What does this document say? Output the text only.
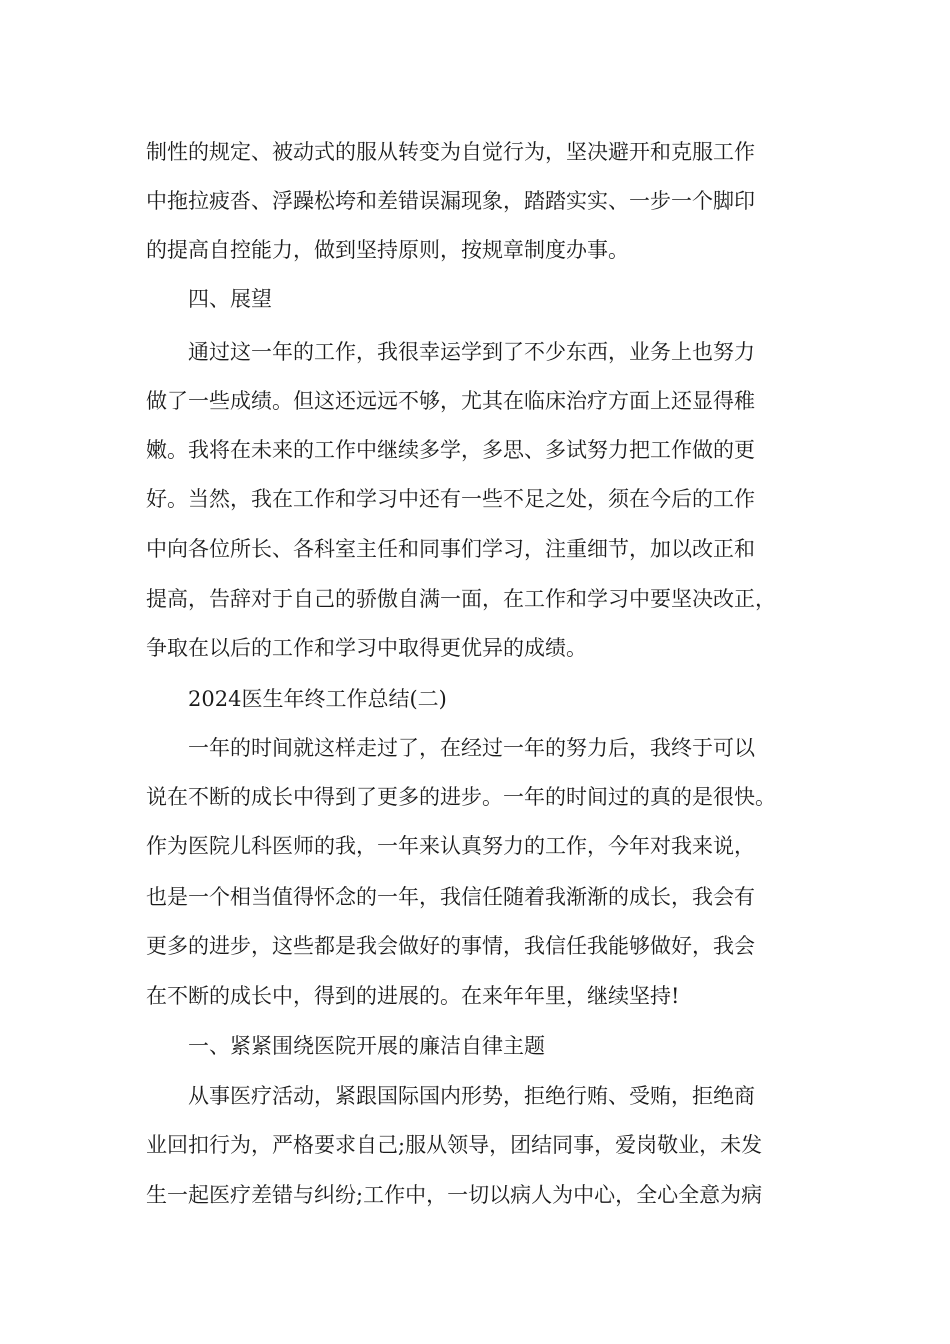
制性的规定、被动式的服从转变为自觉行为，坚决避开和克服工作
中拖拉疲沓、浮躁松垮和差错误漏现象，踏踏实实、一步一个脚印
的提高自控能力，做到坚持原则，按规章制度办事。
四、展望
通过这一年的工作，我很幸运学到了不少东西，业务上也努力
做了一些成绩。但这还远远不够，尤其在临床治疗方面上还显得稚
嫩。我将在未来的工作中继续多学，多思、多试努力把工作做的更
好。当然，我在工作和学习中还有一些不足之处，须在今后的工作
中向各位所长、各科室主任和同事们学习，注重细节，加以改正和
提高，告辞对于自己的骄傲自满一面，在工作和学习中要坚决改正，
争取在以后的工作和学习中取得更优异的成绩。
2024医生年终工作总结(二)
一年的时间就这样走过了，在经过一年的努力后，我终于可以
说在不断的成长中得到了更多的进步。一年的时间过的真的是很快。
作为医院儿科医师的我，一年来认真努力的工作，今年对我来说，
也是一个相当值得怀念的一年，我信任随着我渐渐的成长，我会有
更多的进步，这些都是我会做好的事情，我信任我能够做好，我会
在不断的成长中，得到的进展的。在来年年里，继续坚持!
一、紧紧围绕医院开展的廉洁自律主题
从事医疗活动，紧跟国际国内形势，拒绝行贿、受贿，拒绝商
业回扣行为，严格要求自己;服从领导，团结同事，爱岗敬业，未发
生一起医疗差错与纠纷;工作中，一切以病人为中心，全心全意为病
